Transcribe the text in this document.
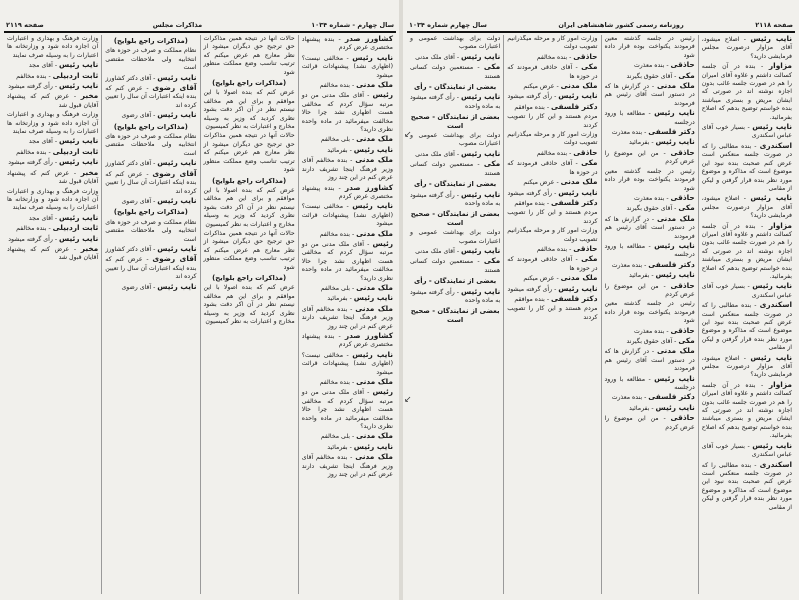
سال چهارم - شماره ۱۰۳۴
مذاکرات مجلس
صفحه ۲۱۱۹

کشاورز صدر - بنده پیشنهاد مختصری عرض کردم

نایب رئیس - مخالفی نیست؟ (اظهاری نشد) پیشنهادات قرائت میشود

ملک مدنی - بنده مخالفم

رئیس - آقای ملک مدنی من دو مرتبه سؤال کردم که مخالفی هست اظهاری نشد چرا حالا مخالفت میفرمائید در ماده واحده نظری دارید؟

ملک مدنی - بلی مخالفم

نایب رئیس - بفرمائید

ملک مدنی - بنده مخالفم آقای وزیر فرهنگ اینجا تشریف دارند عرض کنم در این چند روز

کشاورز صدر - بنده پیشنهاد مختصری عرض کردم

نایب رئیس - مخالفی نیست؟ (اظهاری نشد) پیشنهادات قرائت میشود

ملک مدنی - بنده مخالفم

رئیس - آقای ملک مدنی من دو مرتبه سؤال کردم که مخالفی هست اظهاری نشد چرا حالا مخالفت میفرمائید در ماده واحده نظری دارید؟

ملک مدنی - بلی مخالفم

نایب رئیس - بفرمائید

ملک مدنی - بنده مخالفم آقای وزیر فرهنگ اینجا تشریف دارند عرض کنم در این چند روز

کشاورز صدر - بنده پیشنهاد مختصری عرض کردم

نایب رئیس - مخالفی نیست؟ (اظهاری نشد) پیشنهادات قرائت میشود

ملک مدنی - بنده مخالفم

رئیس - آقای ملک مدنی من دو مرتبه سؤال کردم که مخالفی هست اظهاری نشد چرا حالا مخالفت میفرمائید در ماده واحده نظری دارید؟

ملک مدنی - بلی مخالفم

نایب رئیس - بفرمائید

ملک مدنی - بنده مخالفم آقای وزیر فرهنگ اینجا تشریف دارند عرض کنم در این چند روز

حالات آنها در نتیجه همین مذاکرات حق ترجیح حق دیگران میشود از نظر معارج هم عرض میکنم که ترتیب تناسب وضع مملکت منظور شود

(مذاکرات راجع بلوایح)

عرض کنم که بنده اصولا با این موافقم و برای این هم مخالف نیستم نظر در آن اکر دقت بشود نظری کردید که وزیر به وسیله مخارج و اعتبارات به نظر کمیسیون

حالات آنها در نتیجه همین مذاکرات حق ترجیح حق دیگران میشود از نظر معارج هم عرض میکنم که ترتیب تناسب وضع مملکت منظور شود

(مذاکرات راجع بلوایح)

عرض کنم که بنده اصولا با این موافقم و برای این هم مخالف نیستم نظر در آن اکر دقت بشود نظری کردید که وزیر به وسیله مخارج و اعتبارات به نظر کمیسیون

حالات آنها در نتیجه همین مذاکرات حق ترجیح حق دیگران میشود از نظر معارج هم عرض میکنم که ترتیب تناسب وضع مملکت منظور شود

(مذاکرات راجع بلوایح)

عرض کنم که بنده اصولا با این موافقم و برای این هم مخالف نیستم نظر در آن اکر دقت بشود نظری کردید که وزیر به وسیله مخارج و اعتبارات به نظر کمیسیون

(مذاکرات راجع بلوایح)

نظام مملکت و صرف در حوزه های انتخابیه ولی ملاحظات مقتضی است

نایب رئیس - آقای دکتر کشاورز

آقای رضوی - عرض کنم که بنده اینکه اعتبارات آن سال را تعیین کرده اند

نایب رئیس - آقای رضوی

(مذاکرات راجع بلوایح)

نظام مملکت و صرف در حوزه های انتخابیه ولی ملاحظات مقتضی است

نایب رئیس - آقای دکتر کشاورز

آقای رضوی - عرض کنم که بنده اینکه اعتبارات آن سال را تعیین کرده اند

نایب رئیس - آقای رضوی

(مذاکرات راجع بلوایح)

نظام مملکت و صرف در حوزه های انتخابیه ولی ملاحظات مقتضی است

نایب رئیس - آقای دکتر کشاورز

آقای رضوی - عرض کنم که بنده اینکه اعتبارات آن سال را تعیین کرده اند

نایب رئیس - آقای رضوی

وزارت فرهنگ و بهداری و اعتبارات آن اجازه داده شود و وزارتخانه ها اعتبارات را به وسیله صرف نمایند

نایب رئیس - آقای مجد

ثابت اردبیلی - بنده مخالفم

نایب رئیس - رأی گرفته میشود

مخبر - عرض کنم که پیشنهاد آقایان قبول شد

وزارت فرهنگ و بهداری و اعتبارات آن اجازه داده شود و وزارتخانه ها اعتبارات را به وسیله صرف نمایند

نایب رئیس - آقای مجد

ثابت اردبیلی - بنده مخالفم

نایب رئیس - رأی گرفته میشود

مخبر - عرض کنم که پیشنهاد آقایان قبول شد

وزارت فرهنگ و بهداری و اعتبارات آن اجازه داده شود و وزارتخانه ها اعتبارات را به وسیله صرف نمایند

نایب رئیس - آقای مجد

ثابت اردبیلی - بنده مخالفم

نایب رئیس - رأی گرفته میشود

مخبر - عرض کنم که پیشنهاد آقایان قبول شد

↙
↙
صفحه ۲۱۱۸
روزنامه رسمی کشور شاهنشاهی ایران
سال چهارم شماره ۱۰۳۴

نایب رئیس - اصلاح میشود، آقای مزاوار درصورت مجلس فرمایشی دارید؟

مزاوار - بنده در آن جلسه کسالت داشتم و علاوه آقای امیران را هم در صورت جلسه غائب بدون اجازه نوشته اند در صورتی که ایشان مریض و بستری میباشند بنده خواستم توضیح بدهم که اصلاح بفرمائید.

نایب رئیس - بسیار خوب آقای عباس اسکندری

اسکندری - بنده مطالبی را که در صورت جلسه منعکس است عرض کنم صحبت بنده نبود این موضوع است که مذاکره و موضوع مورد نظر بنده قرار گرفتن و لیکن از مقامی

نایب رئیس - اصلاح میشود، آقای مزاوار درصورت مجلس فرمایشی دارید؟

مزاوار - بنده در آن جلسه کسالت داشتم و علاوه آقای امیران را هم در صورت جلسه غائب بدون اجازه نوشته اند در صورتی که ایشان مریض و بستری میباشند بنده خواستم توضیح بدهم که اصلاح بفرمائید.

نایب رئیس - بسیار خوب آقای عباس اسکندری

اسکندری - بنده مطالبی را که در صورت جلسه منعکس است عرض کنم صحبت بنده نبود این موضوع است که مذاکره و موضوع مورد نظر بنده قرار گرفتن و لیکن از مقامی

نایب رئیس - اصلاح میشود، آقای مزاوار درصورت مجلس فرمایشی دارید؟

مزاوار - بنده در آن جلسه کسالت داشتم و علاوه آقای امیران را هم در صورت جلسه غائب بدون اجازه نوشته اند در صورتی که ایشان مریض و بستری میباشند بنده خواستم توضیح بدهم که اصلاح بفرمائید.

نایب رئیس - بسیار خوب آقای عباس اسکندری

اسکندری - بنده مطالبی را که در صورت جلسه منعکس است عرض کنم صحبت بنده نبود این موضوع است که مذاکره و موضوع مورد نظر بنده قرار گرفتن و لیکن از مقامی

رئیس در جلسه گذشته معین فرمودند یکنواخت بوده قرار داده شود

حاذقی - بنده معذرت

مکی - آقای حقوق بگیرند

ملک مدنی - در گزارش ها که در دستور است آقای رئیس هم فرمودند

نایب رئیس - مطالعه با ورود درجلسه

دکتر فلسفی - بنده معذرت

نایب رئیس - بفرمائید

حاذقی - من این موضوع را عرض کردم

رئیس در جلسه گذشته معین فرمودند یکنواخت بوده قرار داده شود

حاذقی - بنده معذرت

مکی - آقای حقوق بگیرند

ملک مدنی - در گزارش ها که در دستور است آقای رئیس هم فرمودند

نایب رئیس - مطالعه با ورود درجلسه

دکتر فلسفی - بنده معذرت

نایب رئیس - بفرمائید

حاذقی - من این موضوع را عرض کردم

رئیس در جلسه گذشته معین فرمودند یکنواخت بوده قرار داده شود

حاذقی - بنده معذرت

مکی - آقای حقوق بگیرند

ملک مدنی - در گزارش ها که در دستور است آقای رئیس هم فرمودند

نایب رئیس - مطالعه با ورود درجلسه

دکتر فلسفی - بنده معذرت

نایب رئیس - بفرمائید

حاذقی - من این موضوع را عرض کردم

وزارت امور کار و مرحله میگذرانیم تصویب دولت

حاذقی - بنده مخالفم

مکی - آقای حاذقی فرمودند که در حوزه ها

ملک مدنی - عرض میکنم

نایب رئیس - رأی گرفته میشود

دکتر فلسفی - بنده موافقم

مردم هستند و این کار را تصویب کردند

وزارت امور کار و مرحله میگذرانیم تصویب دولت

حاذقی - بنده مخالفم

مکی - آقای حاذقی فرمودند که در حوزه ها

ملک مدنی - عرض میکنم

نایب رئیس - رأی گرفته میشود

دکتر فلسفی - بنده موافقم

مردم هستند و این کار را تصویب کردند

وزارت امور کار و مرحله میگذرانیم تصویب دولت

حاذقی - بنده مخالفم

مکی - آقای حاذقی فرمودند که در حوزه ها

ملک مدنی - عرض میکنم

نایب رئیس - رأی گرفته میشود

دکتر فلسفی - بنده موافقم

مردم هستند و این کار را تصویب کردند

دولت برای بهداشت عمومی و اعتبارات مصوب

نایب رئیس - آقای ملک مدنی

مکی - مستعمین دولت کسانی هستند

بعضی از نمایندگان - رأی

نایب رئیس - رأی گرفته میشود به ماده واحده

بعضی از نمایندگان - صحیح است

دولت برای بهداشت عمومی و اعتبارات مصوب

نایب رئیس - آقای ملک مدنی

مکی - مستعمین دولت کسانی هستند

بعضی از نمایندگان - رأی

نایب رئیس - رأی گرفته میشود به ماده واحده

بعضی از نمایندگان - صحیح است

دولت برای بهداشت عمومی و اعتبارات مصوب

نایب رئیس - آقای ملک مدنی

مکی - مستعمین دولت کسانی هستند

بعضی از نمایندگان - رأی

نایب رئیس - رأی گرفته میشود به ماده واحده

بعضی از نمایندگان - صحیح است
